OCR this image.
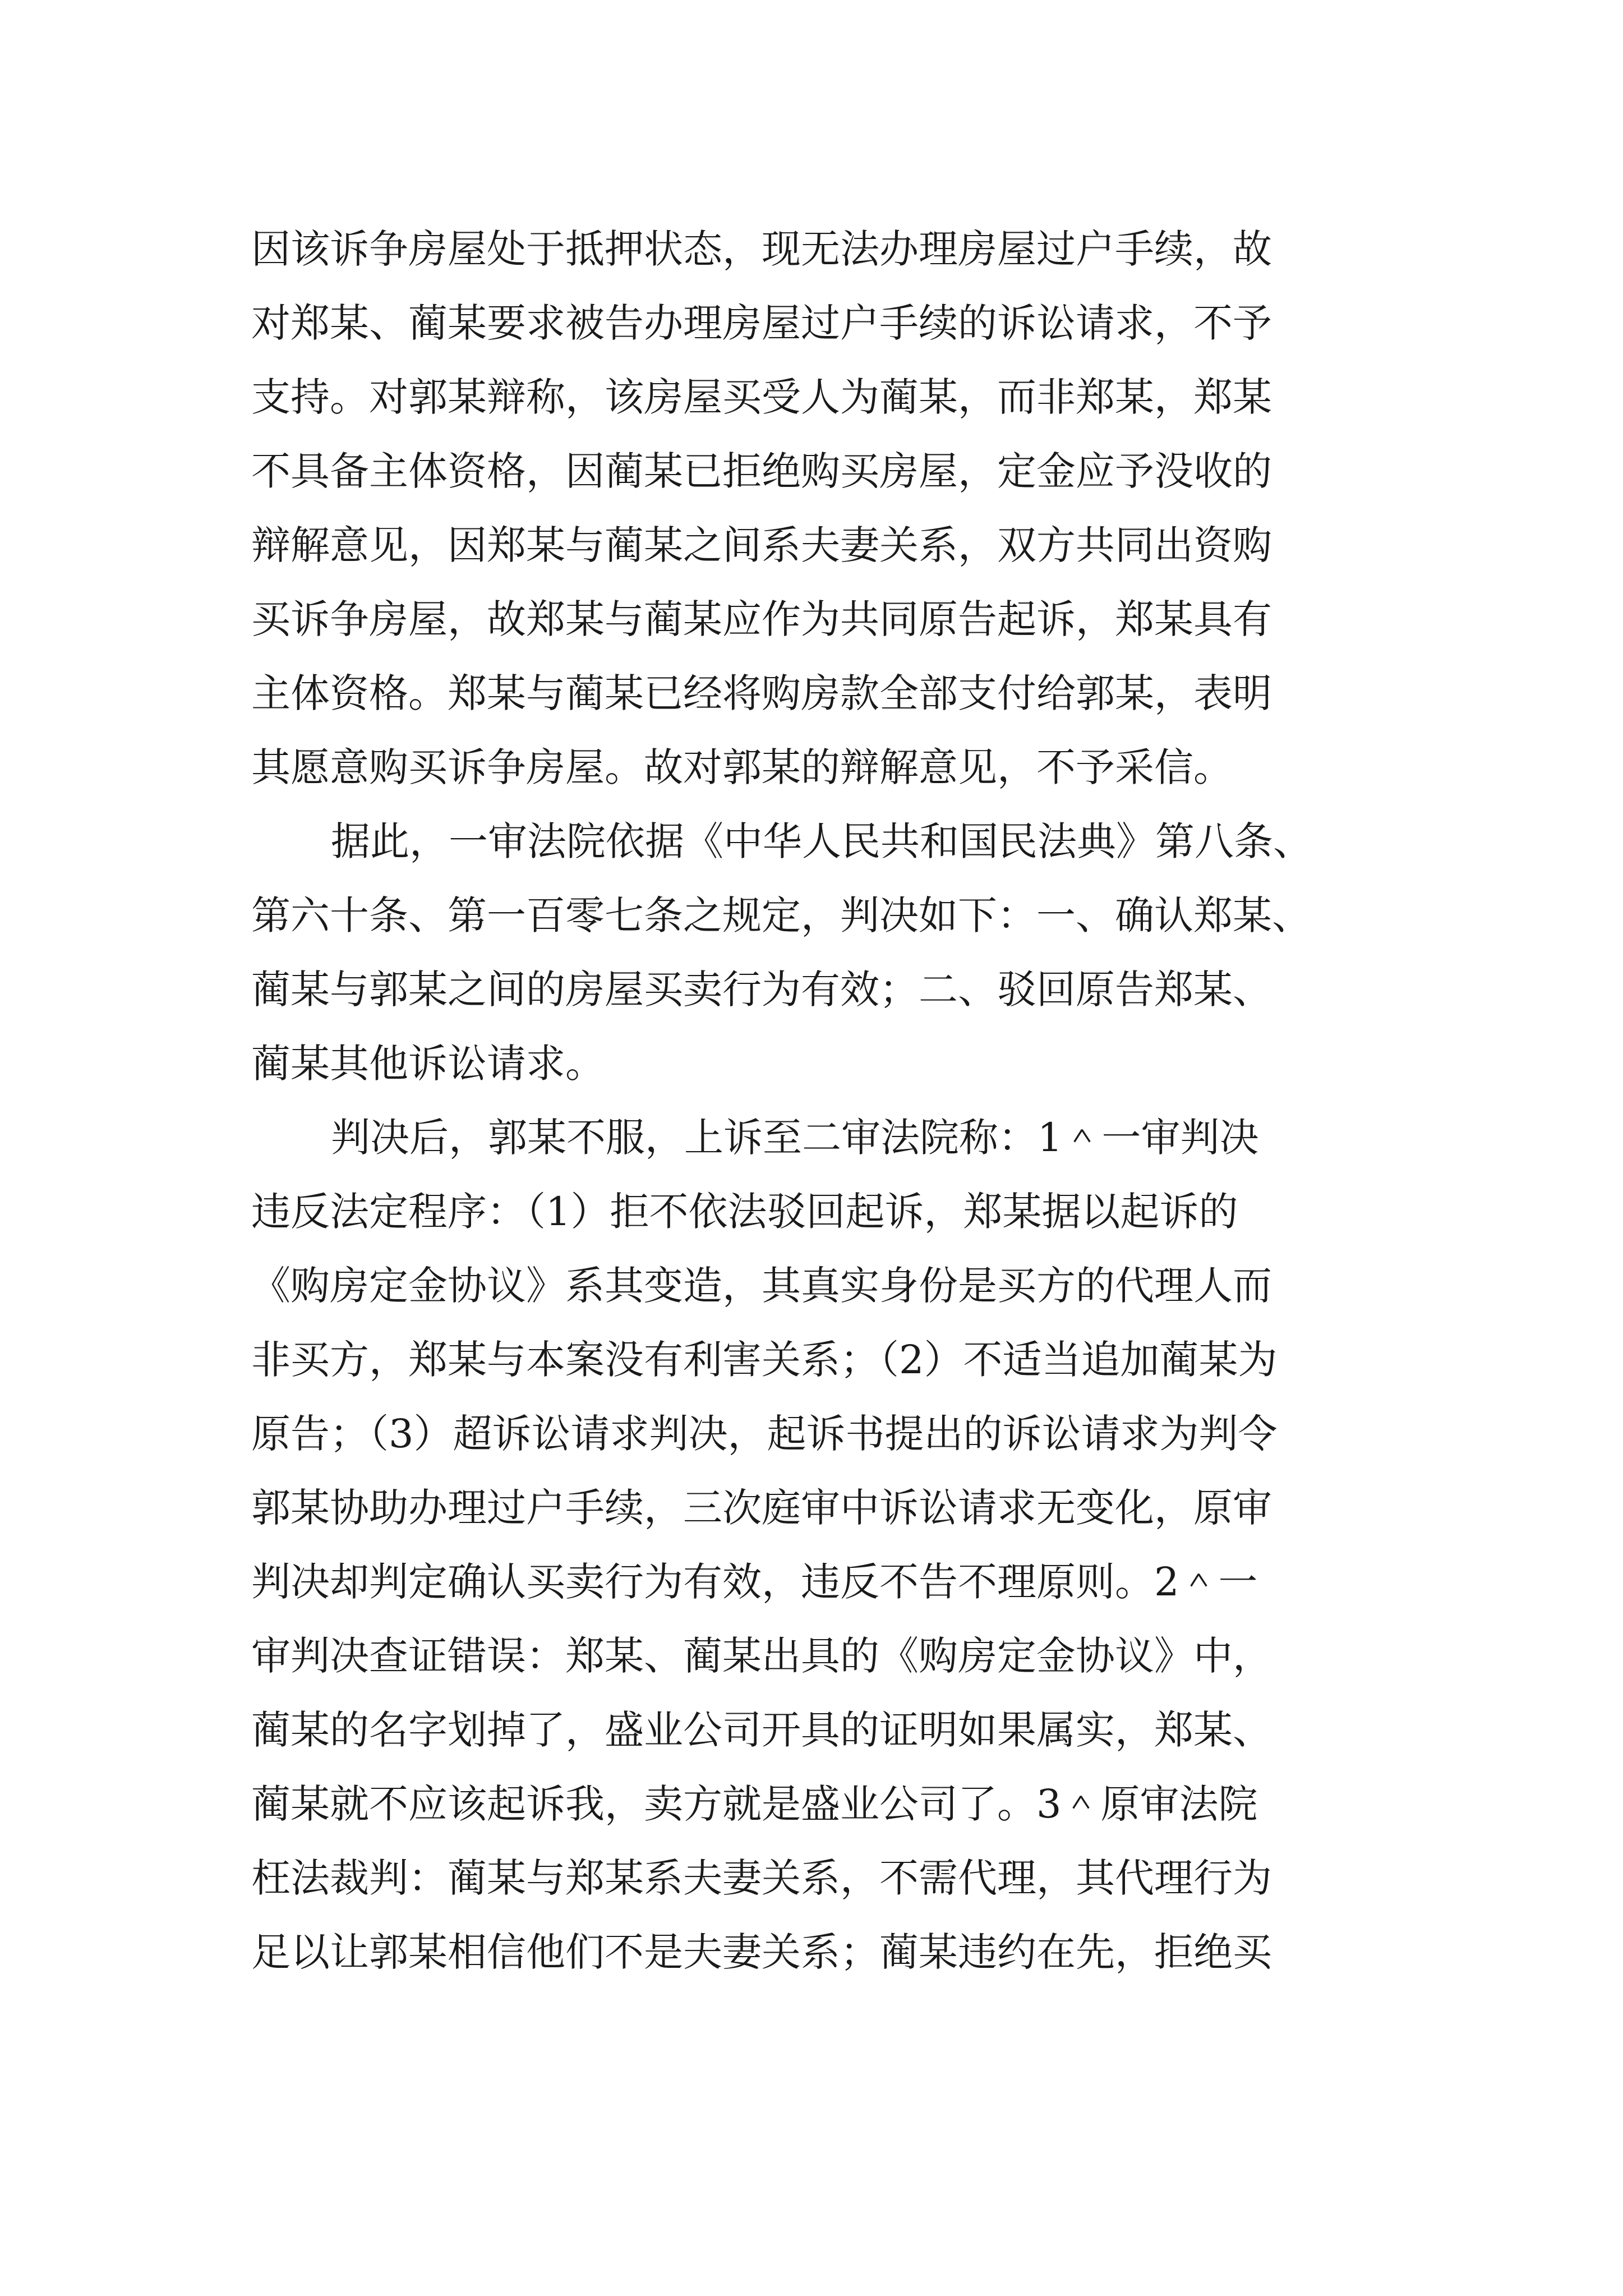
因该诉争房屋处于抵押状态，现无法办理房屋过户手续，故
对郑某、蔺某要求被告办理房屋过户手续的诉讼请求，不予
支持。对郭某辩称，该房屋买受人为蔺某，而非郑某，郑某
不具备主体资格，因蔺某已拒绝购买房屋，定金应予没收的
辩解意见，因郑某与蔺某之间系夫妻关系，双方共同出资购
买诉争房屋，故郑某与蔺某应作为共同原告起诉，郑某具有
主体资格。郑某与蔺某已经将购房款全部支付给郭某，表明
其愿意购买诉争房屋。故对郭某的辩解意见，不予采信。
据此，一审法院依据《中华人民共和国民法典》第八条、
第六十条、第一百零七条之规定，判决如下：一、确认郑某、
蔺某与郭某之间的房屋买卖行为有效；二、驳回原告郑某、
蔺某其他诉讼请求。
判决后，郭某不服，上诉至二审法院称：1＾一审判决
违反法定程序：（1）拒不依法驳回起诉，郑某据以起诉的
《购房定金协议》系其变造，其真实身份是买方的代理人而
非买方，郑某与本案没有利害关系；（2）不适当追加蔺某为
原告；（3）超诉讼请求判决，起诉书提出的诉讼请求为判令
郭某协助办理过户手续，三次庭审中诉讼请求无变化，原审
判决却判定确认买卖行为有效，违反不告不理原则。2＾一
审判决查证错误：郑某、蔺某出具的《购房定金协议》中，
蔺某的名字划掉了，盛业公司开具的证明如果属实，郑某、
蔺某就不应该起诉我，卖方就是盛业公司了。3＾原审法院
枉法裁判：蔺某与郑某系夫妻关系，不需代理，其代理行为
足以让郭某相信他们不是夫妻关系；蔺某违约在先，拒绝买
